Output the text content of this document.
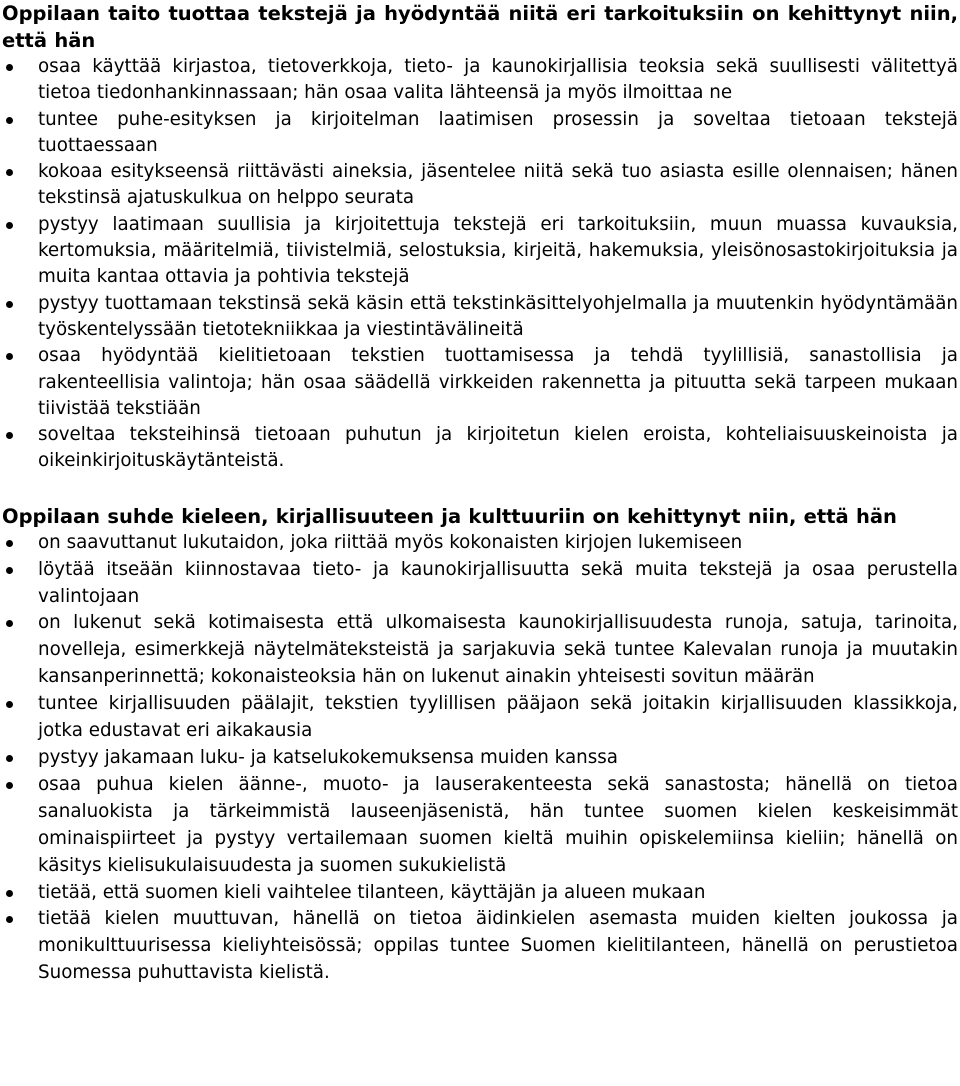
Oppilaan taito tuottaa tekstejä ja hyödyntää niitä eri tarkoituksiin on kehittynyt niin, että hän
osaa käyttää kirjastoa, tietoverkkoja, tieto- ja kaunokirjallisia teoksia sekä suullisesti välitettyä tietoa tiedonhankinnassaan; hän osaa valita lähteensä ja myös ilmoittaa ne
tuntee puhe-esityksen ja kirjoitelman laatimisen prosessin ja soveltaa tietoaan tekstejä tuottaessaan
kokoaa esitykseensä riittävästi aineksia, jäsentelee niitä sekä tuo asiasta esille olennaisen; hänen tekstinsä ajatuskulkua on helppo seurata
pystyy laatimaan suullisia ja kirjoitettuja tekstejä eri tarkoituksiin, muun muassa kuvauksia, kertomuksia, määritelmiä, tiivistelmiä, selostuksia, kirjeitä, hakemuksia, yleisönosastokirjoituksia ja muita kantaa ottavia ja pohtivia tekstejä
pystyy tuottamaan tekstinsä sekä käsin että tekstinkäsittelyohjelmalla ja muutenkin hyödyntämään työskentelyssään tietotekniikkaa ja viestintävälineitä
osaa hyödyntää kielitietoaan tekstien tuottamisessa ja tehdä tyylillisiä, sanastollisia ja rakenteellisia valintoja; hän osaa säädellä virkkeiden rakennetta ja pituutta sekä tarpeen mukaan tiivistää tekstiään
soveltaa teksteihinsä tietoaan puhutun ja kirjoitetun kielen eroista, kohteliaisuuskeinoista ja oikeinkirjoituskäytänteistä.
Oppilaan suhde kieleen, kirjallisuuteen ja kulttuuriin on kehittynyt niin, että hän
on saavuttanut lukutaidon, joka riittää myös kokonaisten kirjojen lukemiseen
löytää itseään kiinnostavaa tieto- ja kaunokirjallisuutta sekä muita tekstejä ja osaa perustella valintojaan
on lukenut sekä kotimaisesta että ulkomaisesta kaunokirjallisuudesta runoja, satuja, tarinoita, novelleja, esimerkkejä näytelmäteksteistä ja sarjakuvia sekä tuntee Kalevalan runoja ja muutakin kansanperinnettä; kokonaisteoksia hän on lukenut ainakin yhteisesti sovitun määrän
tuntee kirjallisuuden päälajit, tekstien tyylillisen pääjaon sekä joitakin kirjallisuuden klassikkoja, jotka edustavat eri aikakausia
pystyy jakamaan luku- ja katselukokemuksensa muiden kanssa
osaa puhua kielen äänne-, muoto- ja lauserakenteesta sekä sanastosta; hänellä on tietoa sanaluokista ja tärkeimmistä lauseenjäsenistä, hän tuntee suomen kielen keskeisimmät ominaispiirteet ja pystyy vertailemaan suomen kieltä muihin opiskelemiinsa kieliin; hänellä on käsitys kielisukulaisuudesta ja suomen sukukielistä
tietää, että suomen kieli vaihtelee tilanteen, käyttäjän ja alueen mukaan
tietää kielen muuttuvan, hänellä on tietoa äidinkielen asemasta muiden kielten joukossa ja monikulttuurisessa kieliyhteisössä; oppilas tuntee Suomen kielitilanteen, hänellä on perustietoa Suomessa puhuttavista kielistä.
